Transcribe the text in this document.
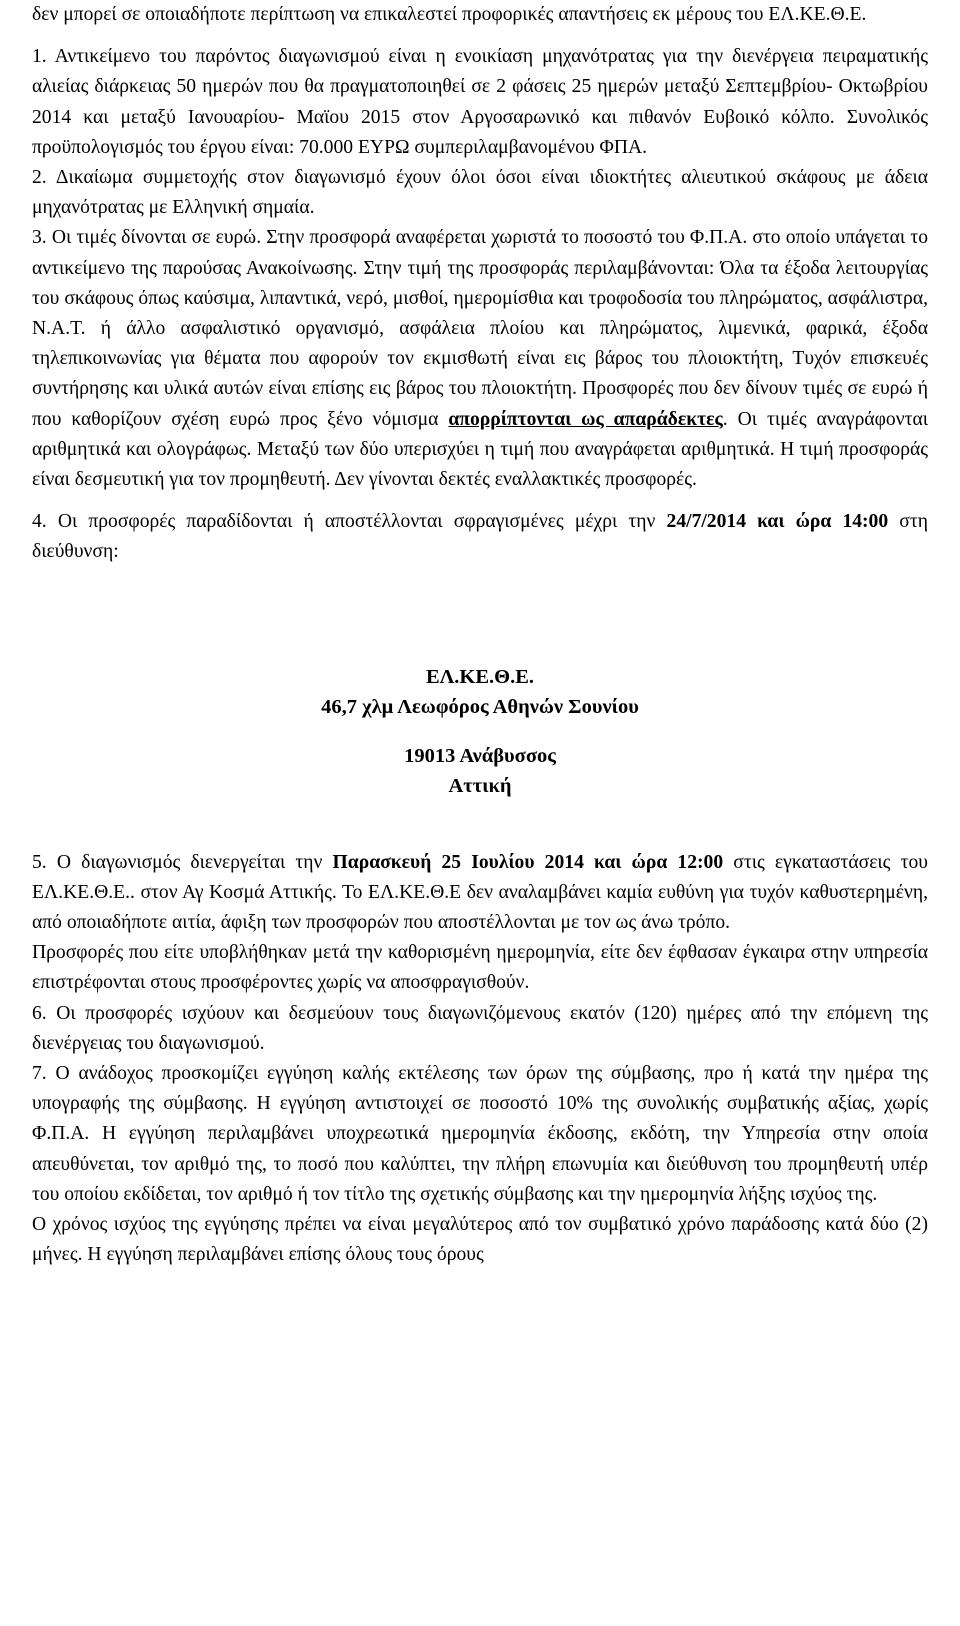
δεν μπορεί σε οποιαδήποτε περίπτωση να επικαλεστεί προφορικές απαντήσεις εκ μέρους του ΕΛ.ΚΕ.Θ.Ε.

1. Αντικείμενο του παρόντος διαγωνισμού είναι η ενοικίαση μηχανότρατας για την διενέργεια πειραματικής αλιείας διάρκειας 50 ημερών που θα πραγματοποιηθεί σε 2 φάσεις 25 ημερών μεταξύ Σεπτεμβρίου- Οκτωβρίου 2014 και μεταξύ Ιανουαρίου- Μαϊου 2015 στον Αργοσαρωνικό και πιθανόν Ευβοικό κόλπο. Συνολικός προϋπολογισμός του έργου είναι: 70.000 ΕΥΡΩ συμπεριλαμβανομένου ΦΠΑ.

2. Δικαίωμα συμμετοχής στον διαγωνισμό έχουν όλοι όσοι είναι ιδιοκτήτες αλιευτικού σκάφους με άδεια μηχανότρατας με Ελληνική σημαία.

3. Οι τιμές δίνονται σε ευρώ. Στην προσφορά αναφέρεται χωριστά το ποσοστό του Φ.Π.Α. στο οποίο υπάγεται το αντικείμενο της παρούσας Ανακοίνωσης. Στην τιμή της προσφοράς περιλαμβάνονται: Όλα τα έξοδα λειτουργίας του σκάφους όπως καύσιμα, λιπαντικά, νερό, μισθοί, ημερομίσθια και τροφοδοσία του πληρώματος, ασφάλιστρα, Ν.Α.Τ. ή άλλο ασφαλιστικό οργανισμό, ασφάλεια πλοίου και πληρώματος, λιμενικά, φαρικά, έξοδα τηλεπικοινωνίας για θέματα που αφορούν τον εκμισθωτή είναι εις βάρος του πλοιοκτήτη, Τυχόν επισκευές συντήρησης και υλικά αυτών είναι επίσης εις βάρος του πλοιοκτήτη. Προσφορές που δεν δίνουν τιμές σε ευρώ ή που καθορίζουν σχέση ευρώ προς ξένο νόμισμα απορρίπτονται ως απαράδεκτες. Οι τιμές αναγράφονται αριθμητικά και ολογράφως. Μεταξύ των δύο υπερισχύει η τιμή που αναγράφεται αριθμητικά. Η τιμή προσφοράς είναι δεσμευτική για τον προμηθευτή. Δεν γίνονται δεκτές εναλλακτικές προσφορές.

4. Οι προσφορές παραδίδονται ή αποστέλλονται σφραγισμένες μέχρι την 24/7/2014 και ώρα 14:00 στη διεύθυνση:

ΕΛ.ΚΕ.Θ.Ε.

46,7 χλμ Λεωφόρος Αθηνών Σουνίου

19013 Ανάβυσσος

Αττική

5. Ο διαγωνισμός διενεργείται την Παρασκευή 25 Ιουλίου 2014 και ώρα 12:00 στις εγκαταστάσεις του ΕΛ.ΚΕ.Θ.Ε.. στον Αγ Κοσμά Αττικής. Το ΕΛ.ΚΕ.Θ.Ε δεν αναλαμβάνει καμία ευθύνη για τυχόν καθυστερημένη, από οποιαδήποτε αιτία, άφιξη των προσφορών που αποστέλλονται με τον ως άνω τρόπο.

Προσφορές που είτε υποβλήθηκαν μετά την καθορισμένη ημερομηνία, είτε δεν έφθασαν έγκαιρα στην υπηρεσία επιστρέφονται στους προσφέροντες χωρίς να αποσφραγισθούν.

6. Οι προσφορές ισχύουν και δεσμεύουν τους διαγωνιζόμενους εκατόν (120) ημέρες από την επόμενη της διενέργειας του διαγωνισμού.

7. Ο ανάδοχος προσκομίζει εγγύηση καλής εκτέλεσης των όρων της σύμβασης, προ ή κατά την ημέρα της υπογραφής της σύμβασης. Η εγγύηση αντιστοιχεί σε ποσοστό 10% της συνολικής συμβατικής αξίας, χωρίς Φ.Π.Α. Η εγγύηση περιλαμβάνει υποχρεωτικά ημερομηνία έκδοσης, εκδότη, την Υπηρεσία στην οποία απευθύνεται, τον αριθμό της, το ποσό που καλύπτει, την πλήρη επωνυμία και διεύθυνση του προμηθευτή υπέρ του οποίου εκδίδεται, τον αριθμό ή τον τίτλο της σχετικής σύμβασης και την ημερομηνία λήξης ισχύος της.

Ο χρόνος ισχύος της εγγύησης πρέπει να είναι μεγαλύτερος από τον συμβατικό χρόνο παράδοσης κατά δύο (2) μήνες. Η εγγύηση περιλαμβάνει επίσης όλους τους όρους
